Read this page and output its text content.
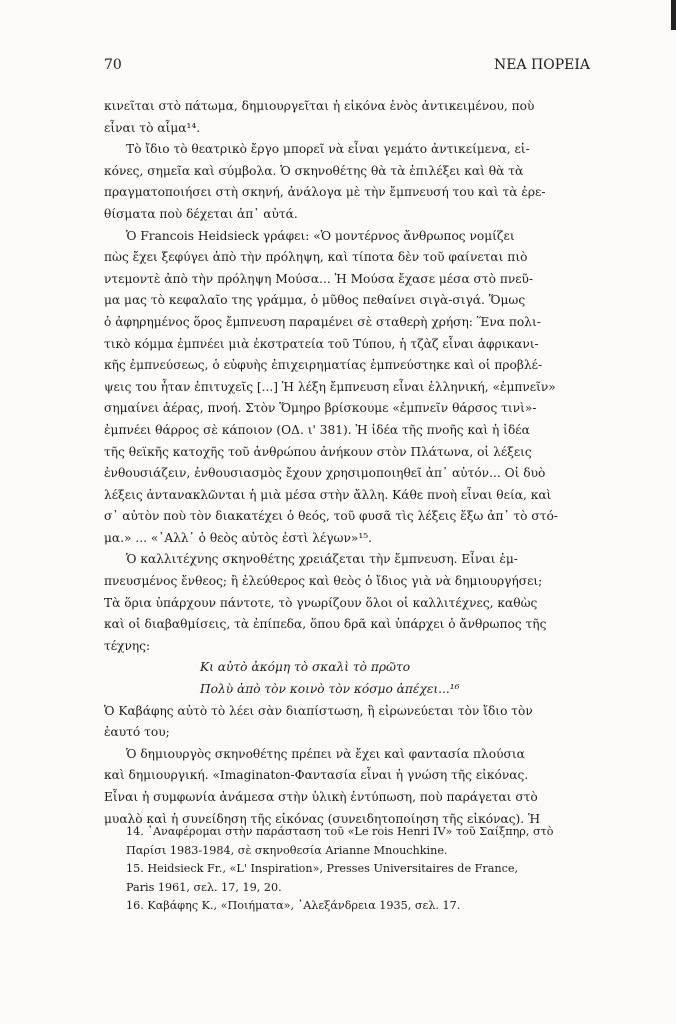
70	ΝΕΑ ΠΟΡΕΙΑ
κινεῖται στὸ πάτωμα, δημιουργεῖται ἡ εἰκόνα ἑνὸς ἀντικειμένου, ποὺ
εἶναι τὸ αἷμα¹⁴.
Τὸ ἴδιο τὸ θεατρικὸ ἔργο μπορεῖ νὰ εἶναι γεμάτο ἀντικείμενα, εἰ-
κόνες, σημεῖα καὶ σύμβολα. Ὁ σκηνοθέτης θὰ τὰ ἐπιλέξει καὶ θὰ τὰ
πραγματοποιήσει στὴ σκηνή, ἀνάλογα μὲ τὴν ἔμπνευσή του καὶ τὰ ἐρε-
θίσματα ποὺ δέχεται ἀπ᾿ αὐτά.
Ὁ Francois Heidsieck γράφει: «Ὁ μοντέρνος ἄνθρωπος νομίζει
πὼς ἔχει ξεφύγει ἀπὸ τὴν πρόληψη, καὶ τίποτα δὲν τοῦ φαίνεται πιὸ
ντεμοντὲ ἀπὸ τὴν πρόληψη Μούσα... Ἡ Μούσα ἔχασε μέσα στὸ πνεῦ-
μα μας τὸ κεφαλαῖο της γράμμα, ὁ μῦθος πεθαίνει σιγὰ-σιγά. Ὅμως
ὁ ἀφηρημένος ὅρος ἔμπνευση παραμένει σὲ σταθερὴ χρήση: Ἕνα πολι-
τικὸ κόμμα ἐμπνέει μιὰ ἐκστρατεία τοῦ Τύπου, ἡ τζὰζ εἶναι ἀφρικανι-
κῆς ἐμπνεύσεως, ὁ εὐφυὴς ἐπιχειρηματίας ἐμπνεύστηκε καὶ οἱ προβλέ-
ψεις του ἦταν ἐπιτυχεῖς [...] Ἡ λέξη ἔμπνευση εἶναι ἑλληνική, «ἐμπνεῖν»
σημαίνει ἀέρας, πνοή. Στὸν Ὅμηρο βρίσκουμε «ἐμπνεῖν θάρσος τινὶ»-
ἐμπνέει θάρρος σὲ κάποιον (ΟΔ. ι' 381). Ἡ ἰδέα τῆς πνοῆς καὶ ἡ ἰδέα
τῆς θεϊκῆς κατοχῆς τοῦ ἀνθρώπου ἀνήκουν στὸν Πλάτωνα, οἱ λέξεις
ἐνθουσιάζειν, ἐνθουσιασμὸς ἔχουν χρησιμοποιηθεῖ ἀπ᾿ αὐτόν... Οἱ δυὸ
λέξεις ἀντανακλῶνται ἡ μιὰ μέσα στὴν ἄλλη. Κάθε πνοὴ εἶναι θεία, καὶ
σ᾿ αὐτὸν ποὺ τὸν διακατέχει ὁ θεός, τοῦ φυσᾶ τὶς λέξεις ἔξω ἀπ᾿ τὸ στό-
μα.» ... «᾿Αλλ᾿ ὁ θεὸς αὐτὸς ἐστὶ λέγων»¹⁵.
Ὁ καλλιτέχνης σκηνοθέτης χρειάζεται τὴν ἔμπνευση. Εἶναι ἐμ-
πνευσμένος ἔνθεος; ἢ ἐλεύθερος καὶ θεὸς ὁ ἴδιος γιὰ νὰ δημιουργήσει;
Τὰ ὅρια ὑπάρχουν πάντοτε, τὸ γνωρίζουν ὅλοι οἱ καλλιτέχνες, καθὼς
καὶ οἱ διαβαθμίσεις, τὰ ἐπίπεδα, ὅπου δρᾶ καὶ ὑπάρχει ὁ ἄνθρωπος τῆς
τέχνης:
Κι αὐτὸ ἀκόμη τὸ σκαλὶ τὸ πρῶτο
Πολὺ ἀπὸ τὸν κοινὸ τὸν κόσμο ἀπέχει...¹⁶
Ὁ Καβάφης αὐτὸ τὸ λέει σὰν διαπίστωση, ἢ εἰρωνεύεται τὸν ἴδιο τὸν
ἑαυτό του;
Ὁ δημιουργὸς σκηνοθέτης πρέπει νὰ ἔχει καὶ φαντασία πλούσια
καὶ δημιουργική. «Imaginaton-Φαντασία εἶναι ἡ γνώση τῆς εἰκόνας.
Εἶναι ἡ συμφωνία ἀνάμεσα στὴν ὑλικὴ ἐντύπωση, ποὺ παράγεται στὸ
μυαλὸ καὶ ἡ συνείδηση τῆς εἰκόνας (συνειδητοποίηση τῆς εἰκόνας). Ἡ
14. ᾿Αναφέρομαι στὴν παράσταση τοῦ «Le rois Henri IV» τοῦ Σαίξπηρ, στὸ
Παρίσι 1983-1984, σὲ σκηνοθεσία Arianne Mnouchkine.
15. Heidsieck Fr., «L' Inspiration», Presses Universitaires de France,
Paris 1961, σελ. 17, 19, 20.
16. Καβάφης Κ., «Ποιήματα», ᾿Αλεξάνδρεια 1935, σελ. 17.
